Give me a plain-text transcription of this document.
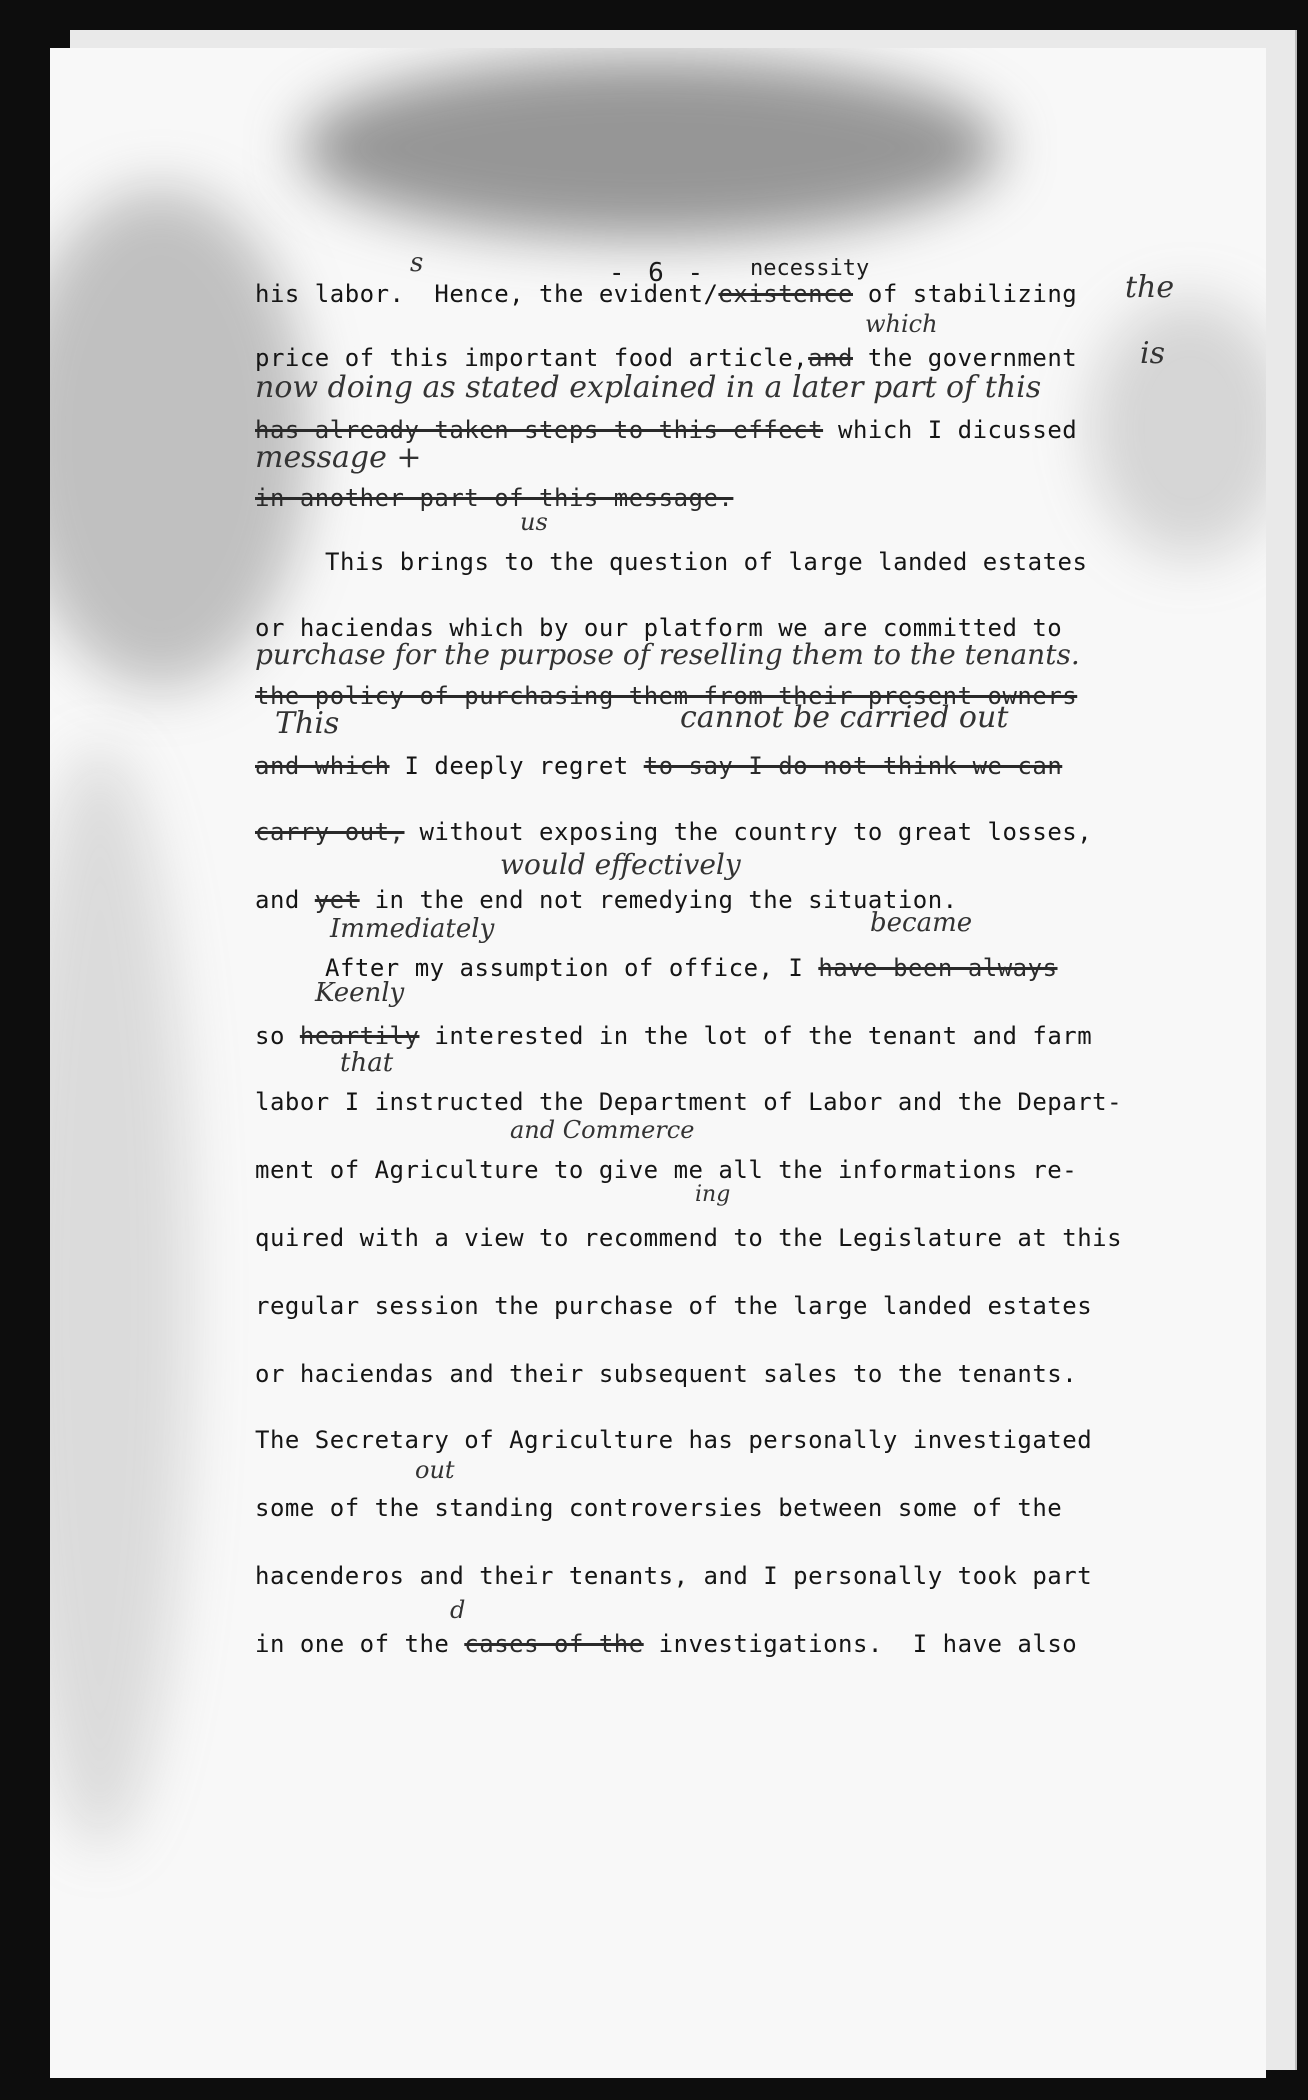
- 6 -	necessity
s
the
his labor.  Hence, the evident/existence of stabilizing
which
is
price of this important food article,and the government
now doing as stated explained in a later part of this
has already taken steps to this effect which I dicussed
message +
in another part of this message.
us
This brings to the question of large landed estates
or haciendas which by our platform we are committed to
purchase for the purpose of reselling them to the tenants.
the policy of purchasing them from their present owners
This	cannot be carried out
and which I deeply regret to say I do not think we can
carry out, without exposing the country to great losses,
would effectively
and yet in the end not remedying the situation.
Immediately	became
After my assumption of office, I have been always
Keenly
so heartily interested in the lot of the tenant and farm
that
labor I instructed the Department of Labor and the Depart-
and Commerce
ment of Agriculture to give me all the informations re-
ing
quired with a view to recommend to the Legislature at this
regular session the purchase of the large landed estates
or haciendas and their subsequent sales to the tenants.
The Secretary of Agriculture has personally investigated
out
some of the standing controversies between some of the
hacenderos and their tenants, and I personally took part
d
in one of the cases of the investigations.  I have also
